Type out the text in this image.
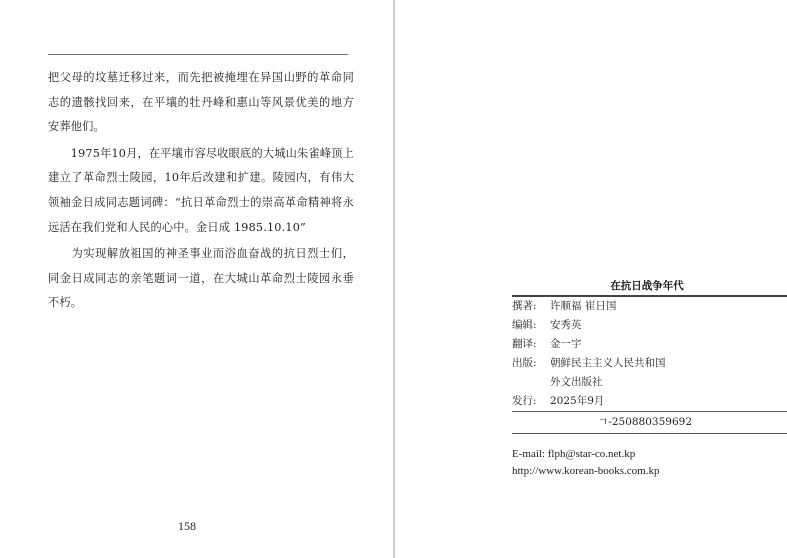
把父母的坟墓迁移过来，而先把被掩埋在异国山野的革命同志的遗骸找回来，在平壤的牡丹峰和惠山等风景优美的地方安葬他们。

　　1975年10月，在平壤市容尽收眼底的大城山朱雀峰顶上建立了革命烈士陵园，10年后改建和扩建。陵园内，有伟大领袖金日成同志题词碑：“抗日革命烈士的崇高革命精神将永远活在我们党和人民的心中。金日成 1985.10.10”

　　为实现解放祖国的神圣事业而浴血奋战的抗日烈士们，同金日成同志的亲笔题词一道，在大城山革命烈士陵园永垂不朽。

158
在抗日战争年代
撰著: 许顺福 崔日国
编辑: 安秀英
翻译: 金一宇
出版: 朝鲜民主主义人民共和国
外文出版社
发行: 2025年9月
ㄱ-250880359692
E-mail: flph@star-co.net.kp
http://www.korean-books.com.kp
